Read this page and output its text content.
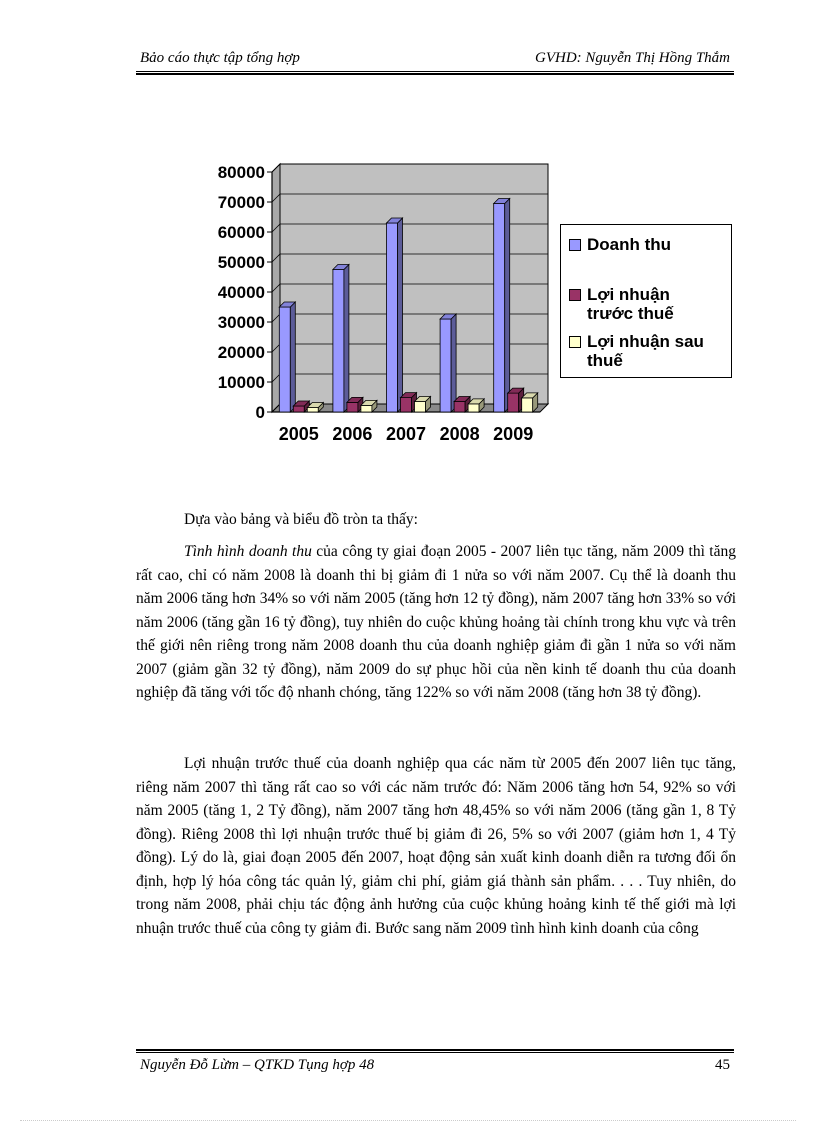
Bảo cáo thực tập tổng hợp	GVHD: Nguyễn Thị Hồng Thắm
80000
70000
60000
50000
40000
30000
20000
10000
0
2005 2006 2007 2008 2009
Doanh thu
Lợi nhuận
trước thuế
Lợi nhuận sau
thuế
Dựa vào bảng và biểu đồ tròn ta thấy:
Tình hình doanh thu của công ty giai đoạn 2005 - 2007 liên tục tăng, năm 2009 thì tăng rất cao, chỉ có năm 2008 là doanh thi bị giảm đi 1 nửa so với năm 2007. Cụ thể là doanh thu năm 2006 tăng hơn 34% so với năm 2005 (tăng hơn 12 tỷ đồng), năm 2007 tăng hơn 33% so với năm 2006 (tăng gần 16 tỷ đồng), tuy nhiên do cuộc khủng hoảng tài chính trong khu vực và trên thế giới nên riêng trong năm 2008 doanh thu của doanh nghiệp giảm đi gần 1 nửa so với năm 2007 (giảm gần 32 tỷ đồng), năm 2009 do sự phục hồi của nền kinh tế doanh thu của doanh nghiệp đã tăng với tốc độ nhanh chóng, tăng 122% so với năm 2008 (tăng hơn 38 tỷ đồng).
Lợi nhuận trước thuế của doanh nghiệp qua các năm từ 2005 đến 2007 liên tục tăng, riêng năm 2007 thì tăng rất cao so với các năm trước đó: Năm 2006 tăng hơn 54, 92% so với năm 2005 (tăng 1, 2 Tỷ đồng), năm 2007 tăng hơn 48,45% so với năm 2006 (tăng gần 1, 8 Tỷ đồng). Riêng 2008 thì lợi nhuận trước thuế bị giảm đi 26, 5% so với 2007 (giảm hơn 1, 4 Tỷ đồng). Lý do là, giai đoạn 2005 đến 2007, hoạt động sản xuất kinh doanh diễn ra tương đối ổn định, hợp lý hóa công tác quản lý, giảm chi phí, giảm giá thành sản phẩm. . . . Tuy nhiên, do trong năm 2008, phải chịu tác động ảnh hưởng của cuộc khủng hoảng kinh tế thế giới mà lợi nhuận trước thuế của công ty giảm đi. Bước sang năm 2009 tình hình kinh doanh của công
Nguyễn Đỗ Lừm – QTKD Tụng hợp 48	45
